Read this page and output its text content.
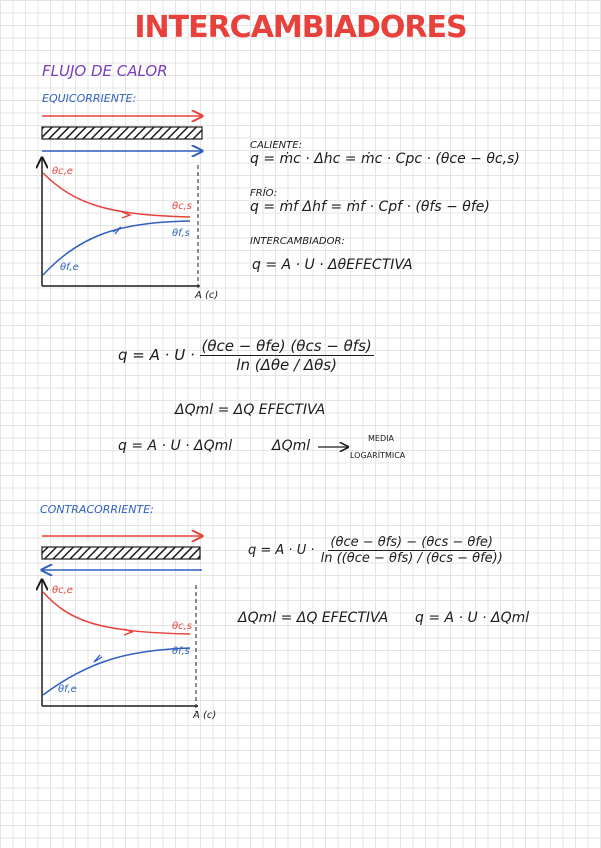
INTERCAMBIADORES
FLUJO DE CALOR
EQUICORRIENTE:
θc,e
θc,s
θf,s
θf,e
A (c)
CALIENTE:
q = ṁc · Δhc = ṁc · Cpc · (θce − θc,s)
FRÍO:
q = ṁf Δhf = ṁf · Cpf · (θfs − θfe)
INTERCAMBIADOR:
q = A · U · ΔθEFECTIVA
$q = A \cdot U \cdot \frac{\text{(θce − θfe) (θcs − θfs)}}{\text{ln (Δθe / Δθs)}}$
ΔQml = ΔQ EFECTIVA
q = A · U · ΔQml	ΔQml	MEDIA
LOGARÍTMICA
CONTRACORRIENTE:
θc,e
θc,s
θf,s
θf,e
A (c)
$q = A \cdot U \cdot \frac{\text{(θce − θfs) − (θcs − θfe)}}{\text{ln ((θce − θfs) / (θcs − θfe))}}$
ΔQml = ΔQ EFECTIVA q = A · U · ΔQml
